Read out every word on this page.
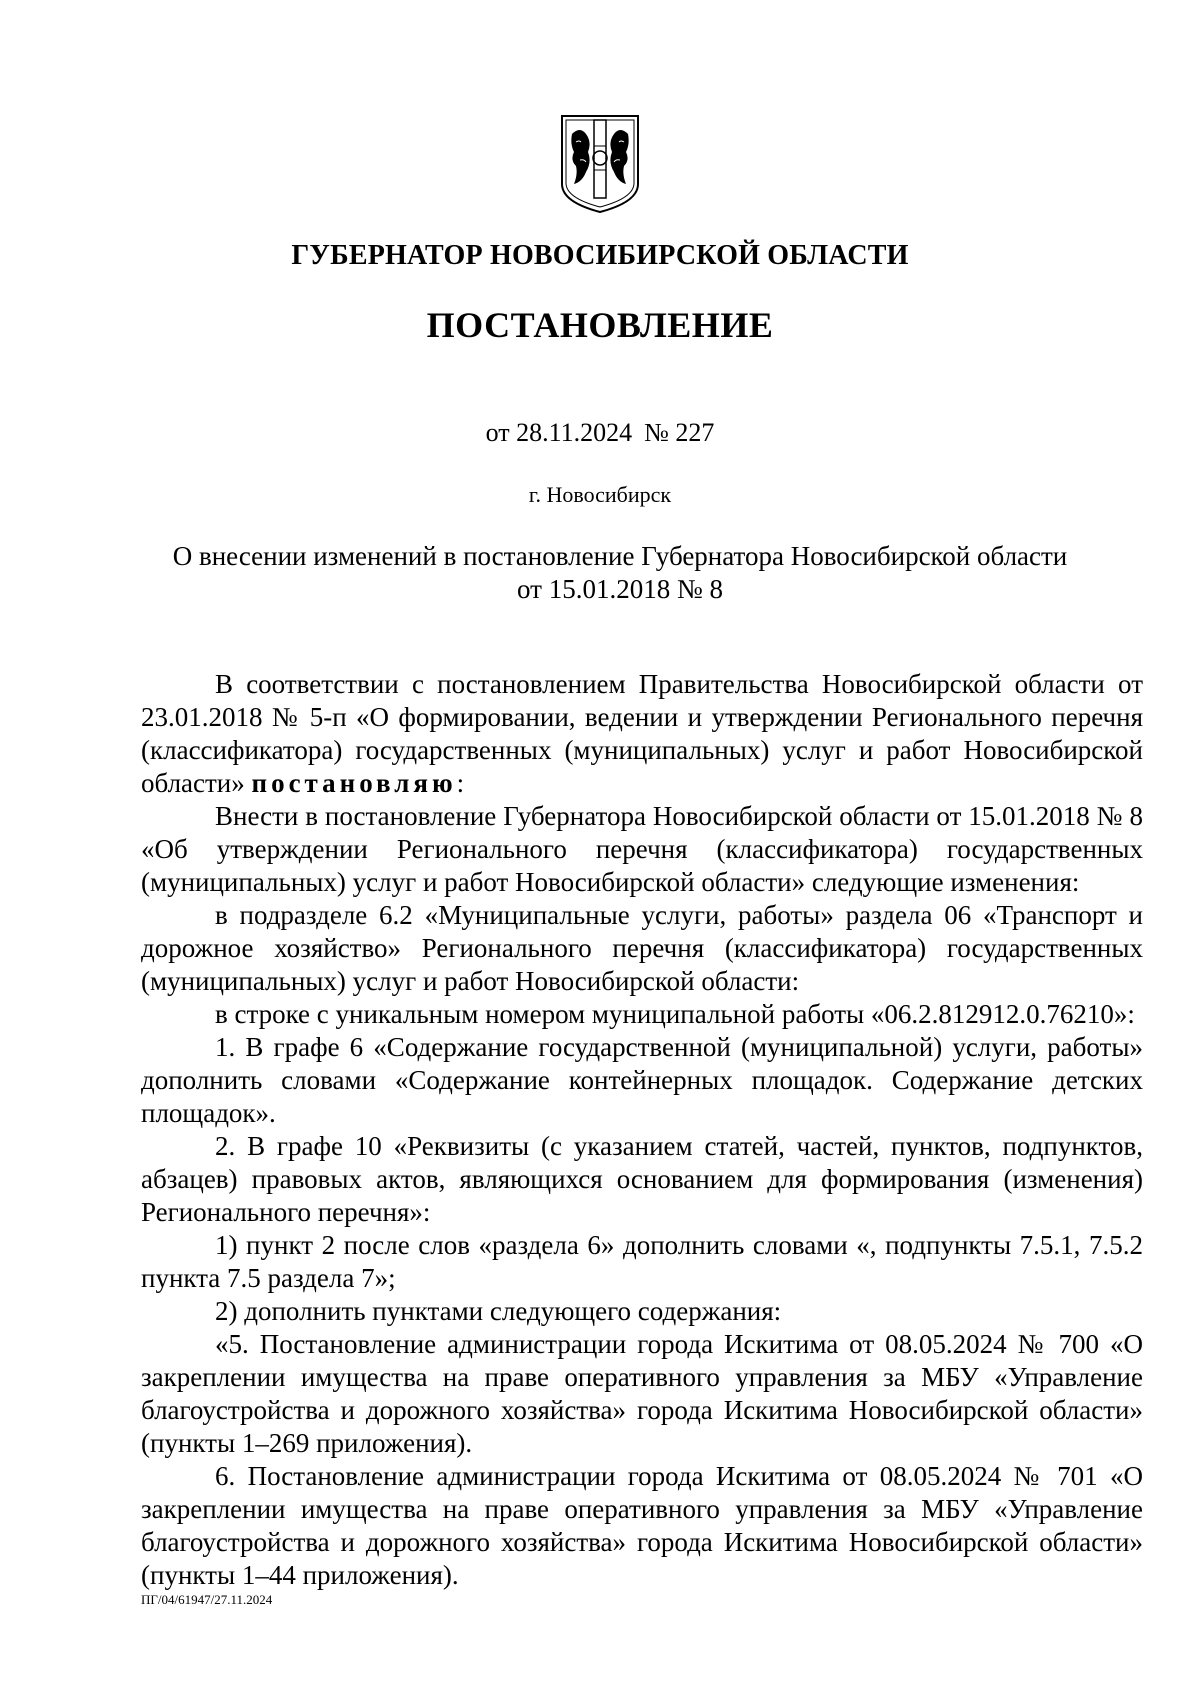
ГУБЕРНАТОР НОВОСИБИРСКОЙ ОБЛАСТИ
ПОСТАНОВЛЕНИЕ
от 28.11.2024 № 227
г. Новосибирск
О внесении изменений в постановление Губернатора Новосибирской области
от 15.01.2018 № 8

В соответствии с постановлением Правительства Новосибирской области от 23.01.2018 № 5-п «О формировании, ведении и утверждении Регионального перечня (классификатора) государственных (муниципальных) услуг и работ Новосибирской области» постановляю:

Внести в постановление Губернатора Новосибирской области от 15.01.2018 № 8 «Об утверждении Регионального перечня (классификатора) государственных (муниципальных) услуг и работ Новосибирской области» следующие изменения:

в подразделе 6.2 «Муниципальные услуги, работы» раздела 06 «Транспорт и дорожное хозяйство» Регионального перечня (классификатора) государственных (муниципальных) услуг и работ Новосибирской области:

в строке с уникальным номером муниципальной работы «06.2.812912.0.76210»:

1. В графе 6 «Содержание государственной (муниципальной) услуги, работы» дополнить словами «Содержание контейнерных площадок. Содержание детских площадок».

2. В графе 10 «Реквизиты (с указанием статей, частей, пунктов, подпунктов, абзацев) правовых актов, являющихся основанием для формирования (изменения) Регионального перечня»:

1) пункт 2 после слов «раздела 6» дополнить словами «, подпункты 7.5.1, 7.5.2 пункта 7.5 раздела 7»;

2) дополнить пунктами следующего содержания:

«5. Постановление администрации города Искитима от 08.05.2024 № 700 «О закреплении имущества на праве оперативного управления за МБУ «Управление благоустройства и дорожного хозяйства» города Искитима Новосибирской области» (пункты 1–269 приложения).

6. Постановление администрации города Искитима от 08.05.2024 № 701 «О закреплении имущества на праве оперативного управления за МБУ «Управление благоустройства и дорожного хозяйства» города Искитима Новосибирской области» (пункты 1–44 приложения).

ПГ/04/61947/27.11.2024
